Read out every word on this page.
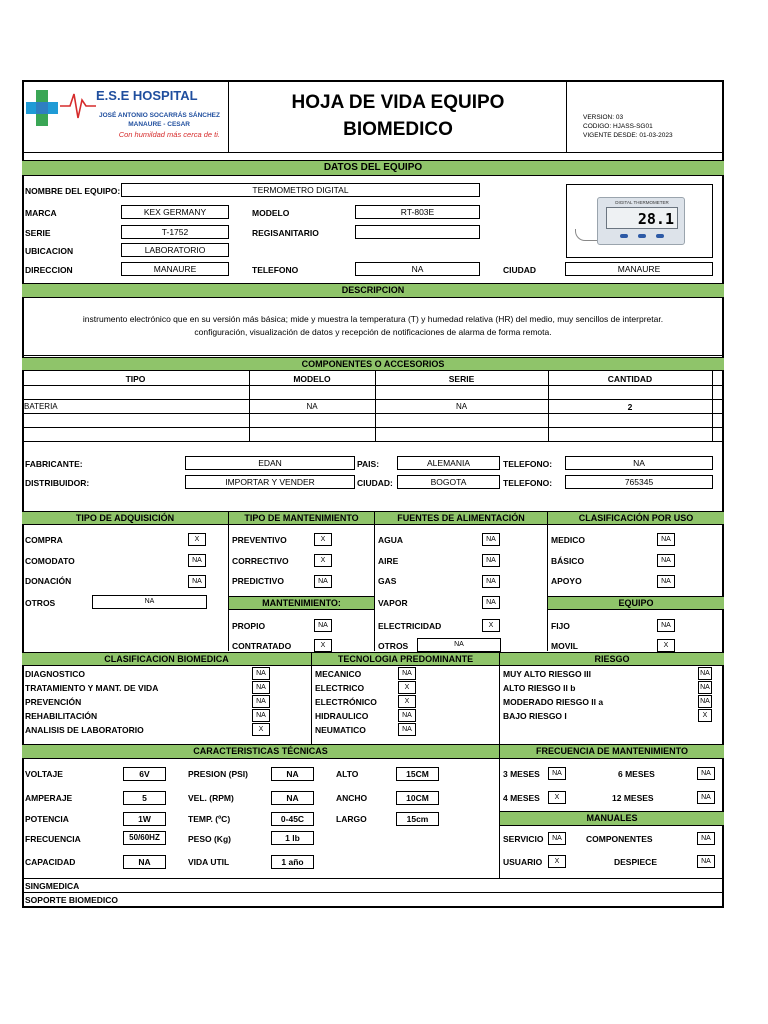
E.S.E HOSPITAL
JOSÉ ANTONIO SOCARRÁS SÁNCHEZ
MANAURE - CESAR
Con humildad más cerca de ti.
HOJA DE VIDA EQUIPO
BIOMEDICO
VERSION: 03
CODIGO: HJASS-SG01
VIGENTE DESDE: 01-03-2023
DATOS DEL EQUIPO
NOMBRE DEL EQUIPO:	TERMOMETRO DIGITAL
MARCA	KEX GERMANY	MODELO	RT-803E
SERIE	T-1752	REGISANITARIO
UBICACION	LABORATORIO
DIRECCION	MANAURE	TELEFONO	NA	CIUDAD	MANAURE
DIGITAL THERMOMETER
28.1
DESCRIPCION
instrumento electrónico que en su versión más básica; mide y muestra la temperatura (T) y humedad relativa (HR) del medio, muy sencillos de interpretar.
configuración, visualización de datos y recepción de notificaciones de alarma de forma remota.
COMPONENTES O ACCESORIOS
TIPO	MODELO	SERIE	CANTIDAD
BATERIA	NA	NA	2
FABRICANTE:	EDAN	PAIS:	ALEMANIA	TELEFONO:	NA
DISTRIBUIDOR:	IMPORTAR Y VENDER	CIUDAD:	BOGOTA	TELEFONO:	765345
TIPO DE ADQUISICIÓN	TIPO DE MANTENIMIENTO	FUENTES DE ALIMENTACIÓN	CLASIFICACIÓN POR USO
COMPRA	X
COMODATO	NA
DONACIÓN	NA
OTROS	NA
PREVENTIVO	X
CORRECTIVO	X
PREDICTIVO	NA
MANTENIMIENTO:
PROPIO	NA
CONTRATADO	X
AGUA	NA
AIRE	NA
GAS	NA
VAPOR	NA
ELECTRICIDAD	X
OTROS	NA
MEDICO	NA
BÁSICO	NA
APOYO	NA
EQUIPO
FIJO	NA
MOVIL	X
CLASIFICACION BIOMEDICA	TECNOLOGIA PREDOMINANTE	RIESGO
DIAGNOSTICO	NA
TRATAMIENTO Y MANT. DE VIDA	NA
PREVENCIÓN	NA
REHABILITACIÓN	NA
ANALISIS DE LABORATORIO	X
MECANICO	NA
ELECTRICO	X
ELECTRÓNICO	X
HIDRAULICO	NA
NEUMATICO	NA
MUY ALTO RIESGO III	NA
ALTO RIESGO II b	NA
MODERADO RIESGO II a	NA
BAJO RIESGO I	X
CARACTERISTICAS TÉCNICAS	FRECUENCIA DE MANTENIMIENTO
VOLTAJE	6V	PRESION (PSI)	NA	ALTO	15CM
AMPERAJE	5	VEL. (RPM)	NA	ANCHO	10CM
POTENCIA	1W	TEMP. (ºC)	0-45C	LARGO	15cm
FRECUENCIA	50/60HZ	PESO (Kg)	1 lb
CAPACIDAD	NA	VIDA UTIL	1 año
3 MESES	NA	6 MESES	NA
4 MESES	X	12 MESES	NA
MANUALES
SERVICIO	NA	COMPONENTES	NA
USUARIO	X	DESPIECE	NA
SINGMEDICA
SOPORTE BIOMEDICO
